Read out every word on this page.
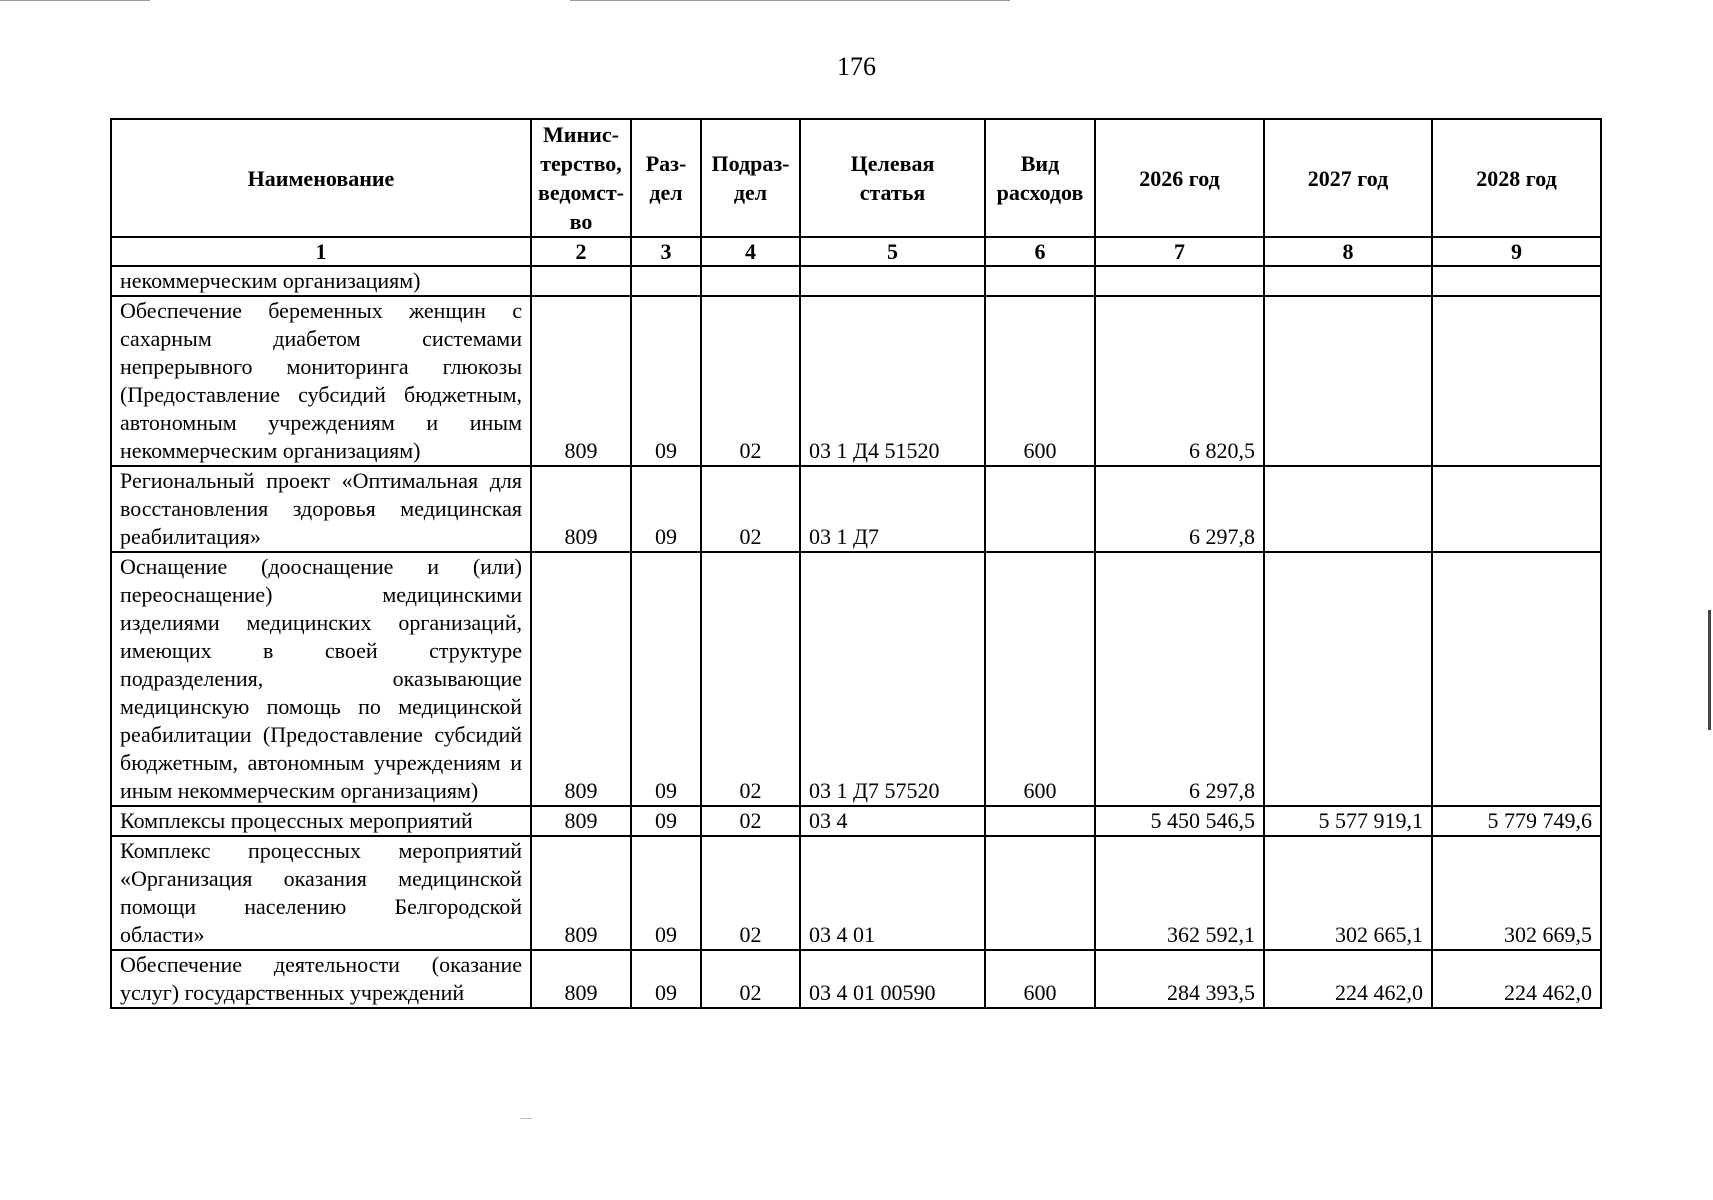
176
Наименование	Минис-терство, ведомст-во	Раз-дел	Подраз-дел	Целевая статья	Вид расходов	2026 год	2027 год	2028 год
1	2	3	4	5	6	7	8	9
некоммерческим организациям)								
Обеспечение беременных женщин с сахарным диабетом системами непрерывного мониторинга глюкозы (Предоставление субсидий бюджетным, автономным учреждениям и иным некоммерческим организациям)	809	09	02	03 1 Д4 51520	600	6 820,5		
Региональный проект «Оптимальная для восстановления здоровья медицинская реабилитация»	809	09	02	03 1 Д7		6 297,8		
Оснащение (дооснащение и (или) переоснащение) медицинскими изделиями медицинских организаций, имеющих в своей структуре подразделения, оказывающие медицинскую помощь по медицинской реабилитации (Предоставление субсидий бюджетным, автономным учреждениям и иным некоммерческим организациям)	809	09	02	03 1 Д7 57520	600	6 297,8		
Комплексы процессных мероприятий	809	09	02	03 4		5 450 546,5	5 577 919,1	5 779 749,6
Комплекс процессных мероприятий «Организация оказания медицинской помощи населению Белгородской области»	809	09	02	03 4 01		362 592,1	302 665,1	302 669,5
Обеспечение деятельности (оказание услуг) государственных учреждений	809	09	02	03 4 01 00590	600	284 393,5	224 462,0	224 462,0
